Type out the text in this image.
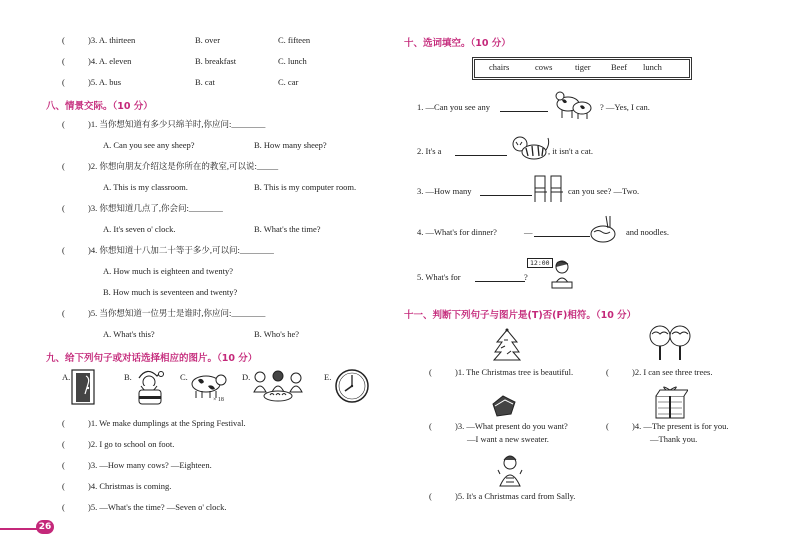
(	)3. A. thirteen	B. over	C. fifteen
(	)4. A. eleven	B. breakfast	C. lunch
(	)5. A. bus	B. cat	C. car
八、情景交际。（10 分）
(	)1. 当你想知道有多少只绵羊时,你应问:________
A. Can you see any sheep?	B. How many sheep?
(	)2. 你想向朋友介绍这是你所在的教室,可以说:_____
A. This is my classroom.	B. This is my computer room.
(	)3. 你想知道几点了,你会问:________
A. It's seven o' clock.	B. What's the time?
(	)4. 你想知道十八加二十等于多少,可以问:________
A. How much is eighteen and twenty?
B. How much is seventeen and twenty?
(	)5. 当你想知道一位男士是谁时,你应问:________
A. What's this?	B. Who's he?
九、给下列句子或对话选择相应的图片。（10 分）
A.	B.	C.
× 18
D.	E.
(	)1. We make dumplings at the Spring Festival.
(	)2. I go to school on foot.
(	)3. —How many cows? —Eighteen.
(	)4. Christmas is coming.
(	)5. —What's the time? —Seven o' clock.
26
十、选词填空。（10 分）
chairs	cows	tiger Beef lunch
1. —Can you see any	? —Yes, I can.
2. It's a	, it isn't a cat.
3. —How many	can you see? —Two.
4. —What's for dinner?	—	and noodles.
5. What's for	?
12:00
十一、判断下列句子与图片是(T)否(F)相符。（10 分）
(	)1. The Christmas tree is beautiful.	(	)2. I can see three trees.
(	)3. —What present do you want?
—I want a new sweater.
(	)4. —The present is for you.
—Thank you.
(	)5. It's a Christmas card from Sally.
